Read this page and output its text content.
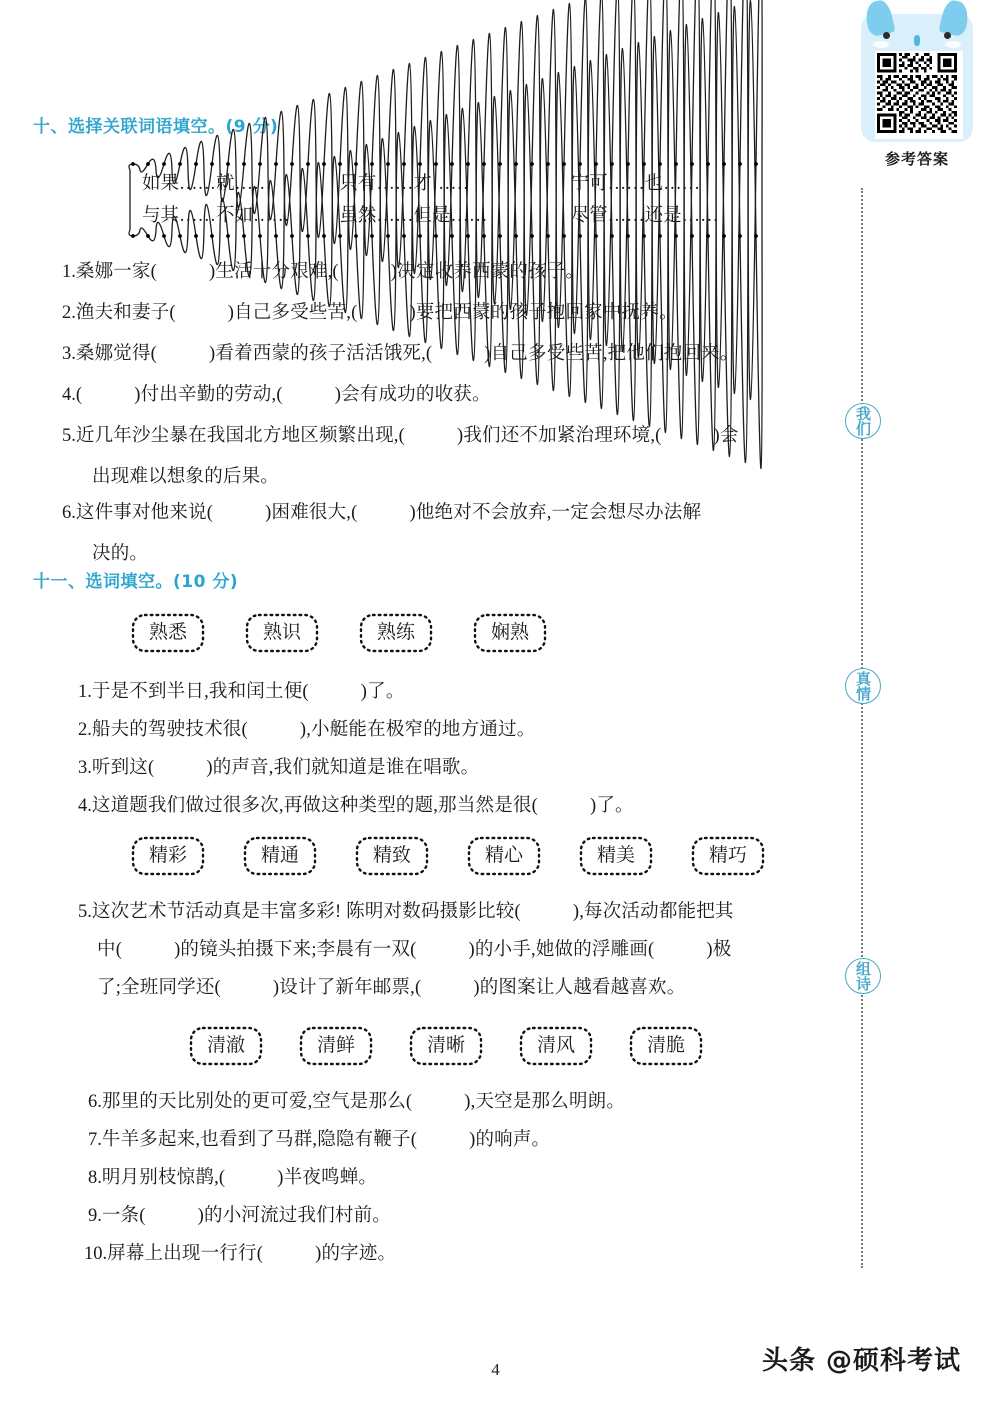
参考答案
我们
真情
组诗
十、选择关联词语填空。(9 分)
如果……就……	只有……才……	宁可……也……
与其……不如……	虽然……但是……	尽管……还是……
1.桑娜一家(	)生活十分艰难,(	)决定收养西蒙的孩子。
2.渔夫和妻子(	)自己多受些苦,(	)要把西蒙的孩子抱回家中抚养。
3.桑娜觉得(	)看着西蒙的孩子活活饿死,(	)自己多受些苦,把他们抱回来。
4.(	)付出辛勤的劳动,(	)会有成功的收获。
5.近几年沙尘暴在我国北方地区频繁出现,(	)我们还不加紧治理环境,(	)会
出现难以想象的后果。
6.这件事对他来说(	)困难很大,(	)他绝对不会放弃,一定会想尽办法解
决的。
十一、选词填空。(10 分)
熟悉	熟识	熟练	娴熟
1.于是不到半日,我和闰土便(	)了。
2.船夫的驾驶技术很(	),小艇能在极窄的地方通过。
3.听到这(	)的声音,我们就知道是谁在唱歌。
4.这道题我们做过很多次,再做这种类型的题,那当然是很(	)了。
精彩	精通	精致	精心	精美	精巧
5.这次艺术节活动真是丰富多彩! 陈明对数码摄影比较(	),每次活动都能把其
中(	)的镜头拍摄下来;李晨有一双(	)的小手,她做的浮雕画(	)极
了;全班同学还(	)设计了新年邮票,(	)的图案让人越看越喜欢。
清澈	清鲜	清晰	清风	清脆
6.那里的天比别处的更可爱,空气是那么(	),天空是那么明朗。
7.牛羊多起来,也看到了马群,隐隐有鞭子(	)的响声。
8.明月别枝惊鹊,(	)半夜鸣蝉。
9.一条(	)的小河流过我们村前。
10.屏幕上出现一行行(	)的字迹。
4	头条 @硕科考试
